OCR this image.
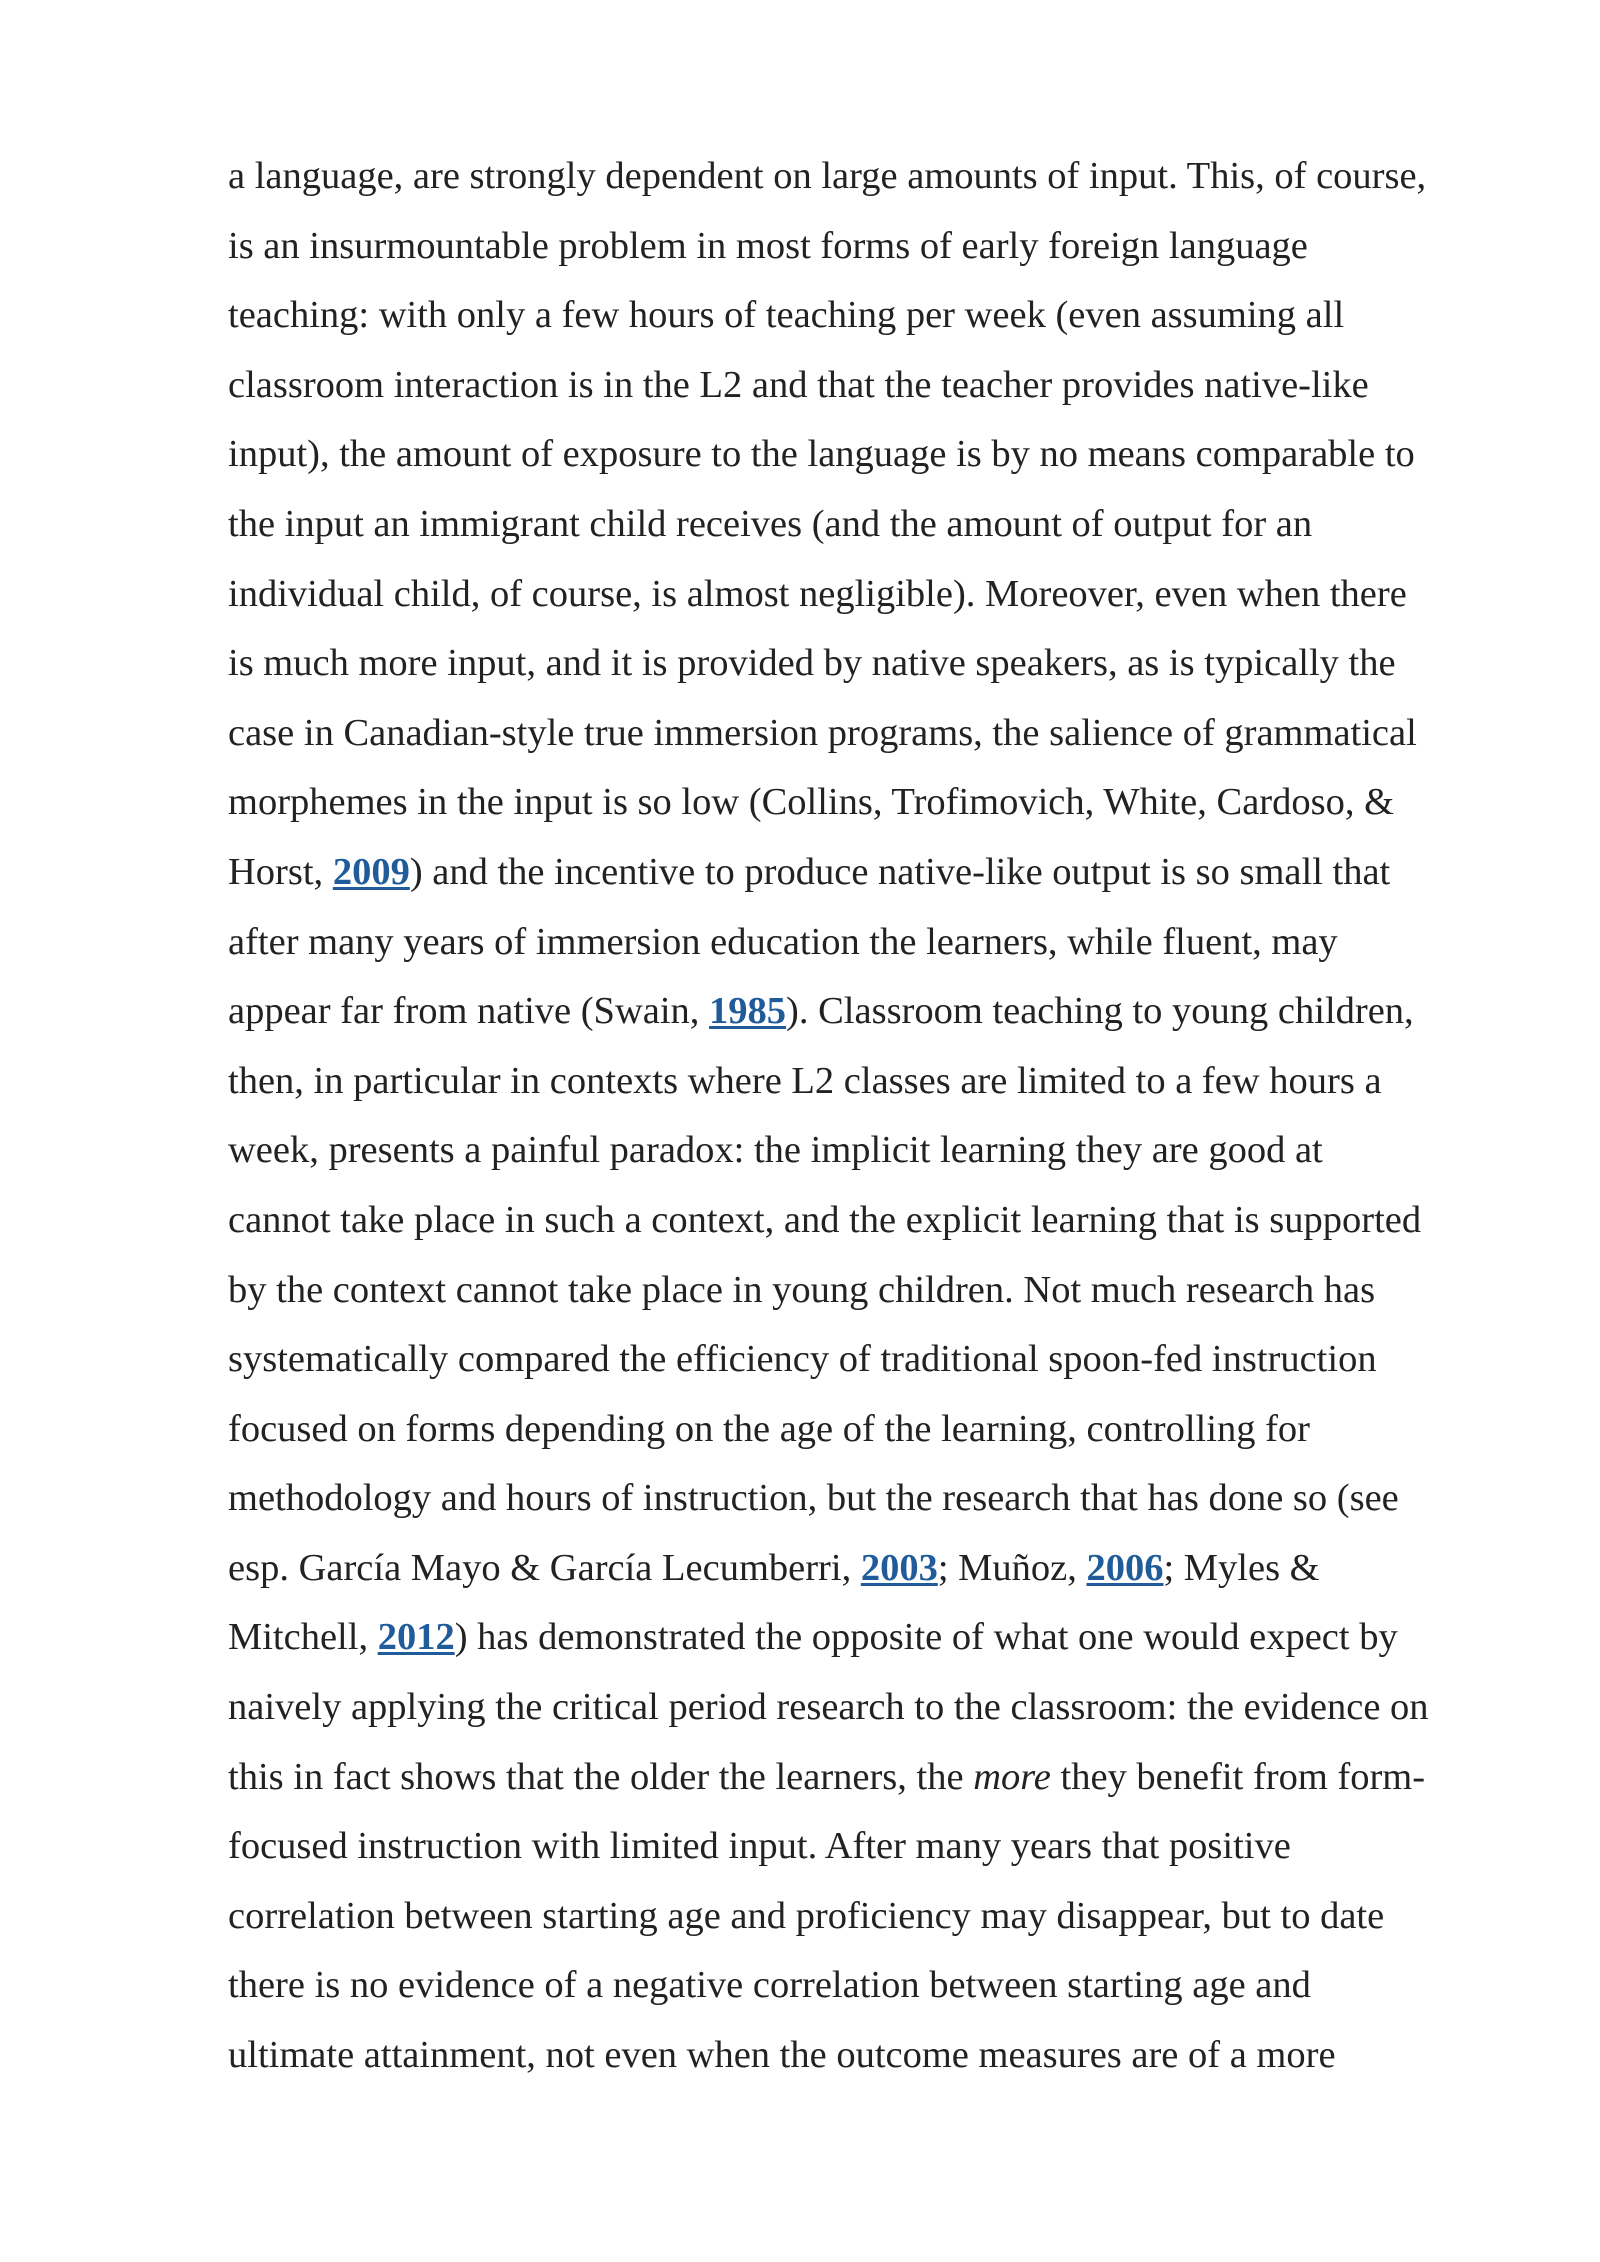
a language, are strongly dependent on large amounts of input. This, of course,
is an insurmountable problem in most forms of early foreign language
teaching: with only a few hours of teaching per week (even assuming all
classroom interaction is in the L2 and that the teacher provides native-like
input), the amount of exposure to the language is by no means comparable to
the input an immigrant child receives (and the amount of output for an
individual child, of course, is almost negligible). Moreover, even when there
is much more input, and it is provided by native speakers, as is typically the
case in Canadian-style true immersion programs, the salience of grammatical
morphemes in the input is so low (Collins, Trofimovich, White, Cardoso, &
Horst, 2009) and the incentive to produce native-like output is so small that
after many years of immersion education the learners, while fluent, may
appear far from native (Swain, 1985). Classroom teaching to young children,
then, in particular in contexts where L2 classes are limited to a few hours a
week, presents a painful paradox: the implicit learning they are good at
cannot take place in such a context, and the explicit learning that is supported
by the context cannot take place in young children. Not much research has
systematically compared the efficiency of traditional spoon-fed instruction
focused on forms depending on the age of the learning, controlling for
methodology and hours of instruction, but the research that has done so (see
esp. García Mayo & García Lecumberri, 2003; Muñoz, 2006; Myles &
Mitchell, 2012) has demonstrated the opposite of what one would expect by
naively applying the critical period research to the classroom: the evidence on
this in fact shows that the older the learners, the more they benefit from form-
focused instruction with limited input. After many years that positive
correlation between starting age and proficiency may disappear, but to date
there is no evidence of a negative correlation between starting age and
ultimate attainment, not even when the outcome measures are of a more
